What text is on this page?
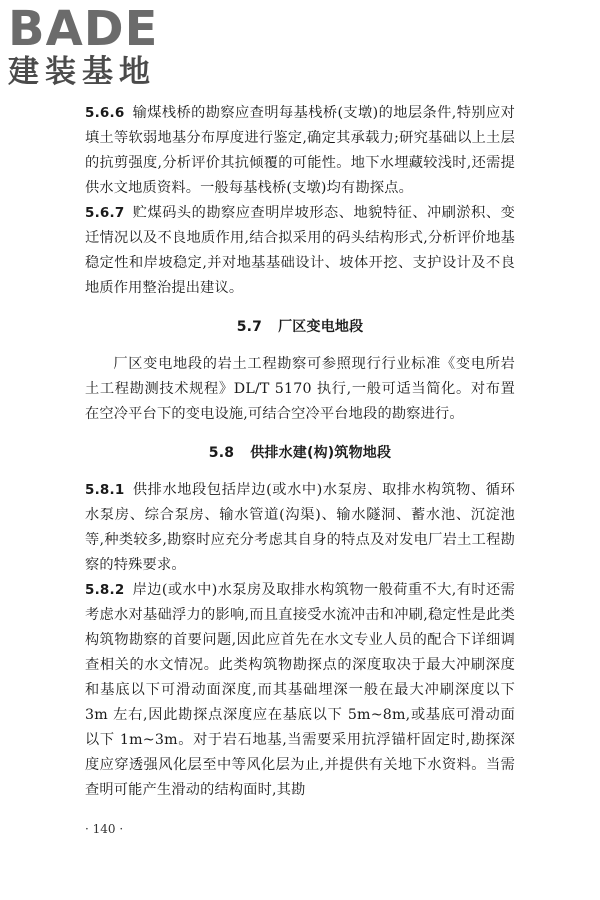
BADE
建装基地

5.6.6 输煤栈桥的勘察应查明每基栈桥(支墩)的地层条件,特别应对填土等软弱地基分布厚度进行鉴定,确定其承载力;研究基础以上土层的抗剪强度,分析评价其抗倾覆的可能性。地下水埋藏较浅时,还需提供水文地质资料。一般每基栈桥(支墩)均有勘探点。

5.6.7 贮煤码头的勘察应查明岸坡形态、地貌特征、冲刷淤积、变迁情况以及不良地质作用,结合拟采用的码头结构形式,分析评价地基稳定性和岸坡稳定,并对地基基础设计、坡体开挖、支护设计及不良地质作用整治提出建议。

5.7 厂区变电地段

厂区变电地段的岩土工程勘察可参照现行行业标准《变电所岩土工程勘测技术规程》DL/T 5170 执行,一般可适当简化。对布置在空冷平台下的变电设施,可结合空冷平台地段的勘察进行。

5.8 供排水建(构)筑物地段

5.8.1 供排水地段包括岸边(或水中)水泵房、取排水构筑物、循环水泵房、综合泵房、输水管道(沟渠)、输水隧洞、蓄水池、沉淀池等,种类较多,勘察时应充分考虑其自身的特点及对发电厂岩土工程勘察的特殊要求。

5.8.2 岸边(或水中)水泵房及取排水构筑物一般荷重不大,有时还需考虑水对基础浮力的影响,而且直接受水流冲击和冲刷,稳定性是此类构筑物勘察的首要问题,因此应首先在水文专业人员的配合下详细调查相关的水文情况。此类构筑物勘探点的深度取决于最大冲刷深度和基底以下可滑动面深度,而其基础埋深一般在最大冲刷深度以下 3m 左右,因此勘探点深度应在基底以下 5m~8m,或基底可滑动面以下 1m~3m。对于岩石地基,当需要采用抗浮锚杆固定时,勘探深度应穿透强风化层至中等风化层为止,并提供有关地下水资料。当需查明可能产生滑动的结构面时,其勘

· 140 ·
